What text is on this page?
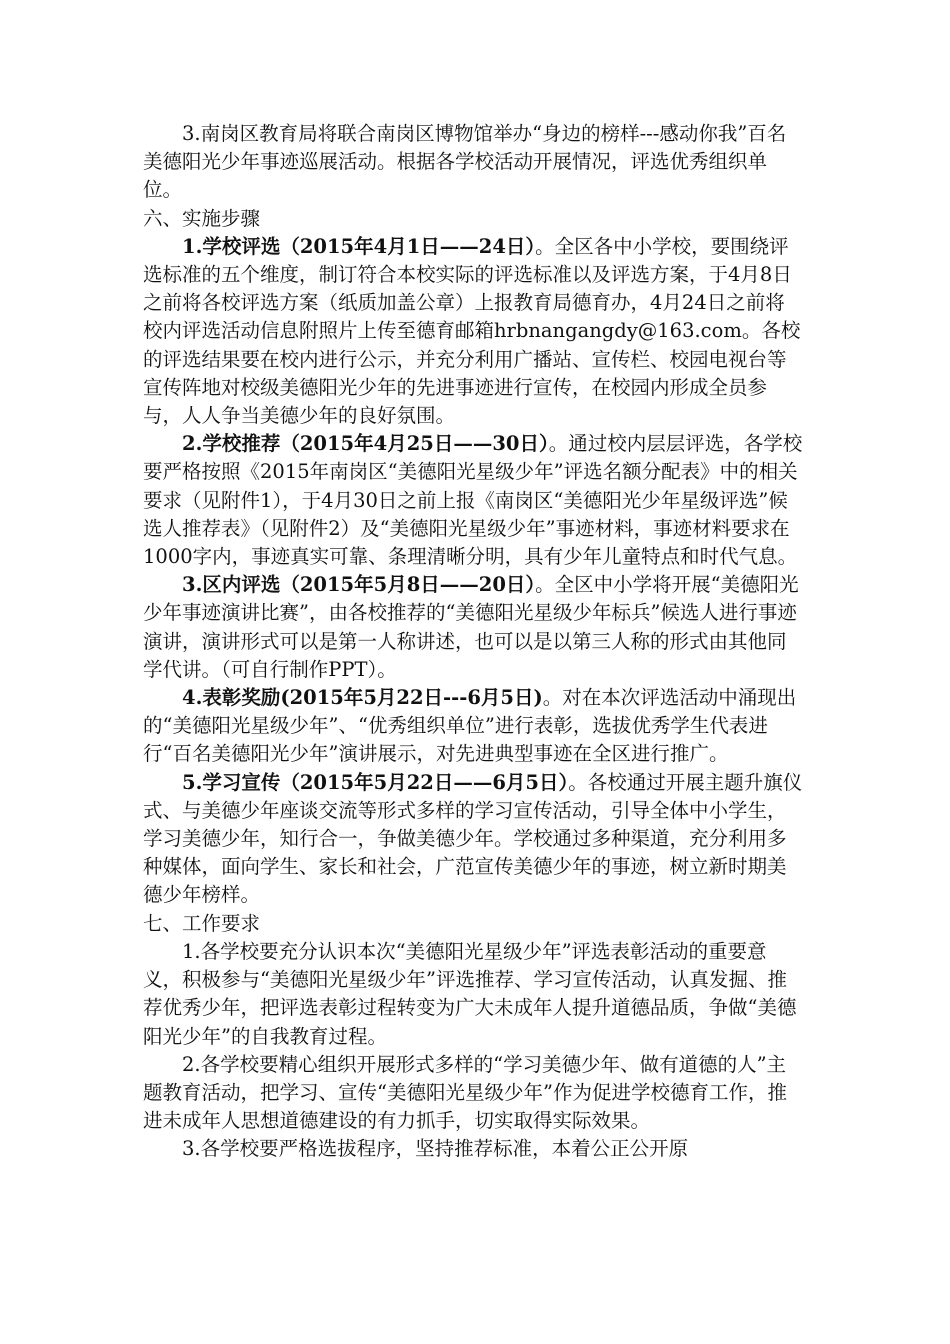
3.南岗区教育局将联合南岗区博物馆举办“身边的榜样---感动你我”百名美德阳光少年事迹巡展活动。根据各学校活动开展情况，评选优秀组织单位。

六、实施步骤

1.学校评选（2015年4月1日——24日）。全区各中小学校，要围绕评选标准的五个维度，制订符合本校实际的评选标准以及评选方案，于4月8日之前将各校评选方案（纸质加盖公章）上报教育局德育办，4月24日之前将校内评选活动信息附照片上传至德育邮箱hrbnangangdy@163.com。各校的评选结果要在校内进行公示，并充分利用广播站、宣传栏、校园电视台等宣传阵地对校级美德阳光少年的先进事迹进行宣传，在校园内形成全员参与，人人争当美德少年的良好氛围。

2.学校推荐（2015年4月25日——30日）。通过校内层层评选，各学校要严格按照《2015年南岗区“美德阳光星级少年”评选名额分配表》中的相关要求（见附件1），于4月30日之前上报《南岗区“美德阳光少年星级评选”候选人推荐表》（见附件2）及“美德阳光星级少年”事迹材料，事迹材料要求在1000字内，事迹真实可靠、条理清晰分明，具有少年儿童特点和时代气息。

3.区内评选（2015年5月8日——20日）。全区中小学将开展“美德阳光少年事迹演讲比赛”，由各校推荐的“美德阳光星级少年标兵”候选人进行事迹演讲，演讲形式可以是第一人称讲述，也可以是以第三人称的形式由其他同学代讲。（可自行制作PPT）。

4.表彰奖励(2015年5月22日---6月5日)。对在本次评选活动中涌现出的“美德阳光星级少年”、“优秀组织单位”进行表彰，选拔优秀学生代表进行“百名美德阳光少年”演讲展示，对先进典型事迹在全区进行推广。

5.学习宣传（2015年5月22日——6月5日）。各校通过开展主题升旗仪式、与美德少年座谈交流等形式多样的学习宣传活动，引导全体中小学生，学习美德少年，知行合一，争做美德少年。学校通过多种渠道，充分利用多种媒体，面向学生、家长和社会，广范宣传美德少年的事迹，树立新时期美德少年榜样。

七、工作要求

1.各学校要充分认识本次“美德阳光星级少年”评选表彰活动的重要意义，积极参与“美德阳光星级少年”评选推荐、学习宣传活动，认真发掘、推荐优秀少年，把评选表彰过程转变为广大未成年人提升道德品质，争做“美德阳光少年”的自我教育过程。

2.各学校要精心组织开展形式多样的“学习美德少年、做有道德的人”主题教育活动，把学习、宣传“美德阳光星级少年”作为促进学校德育工作，推进未成年人思想道德建设的有力抓手，切实取得实际效果。

3.各学校要严格选拔程序，坚持推荐标准，本着公正公开原
